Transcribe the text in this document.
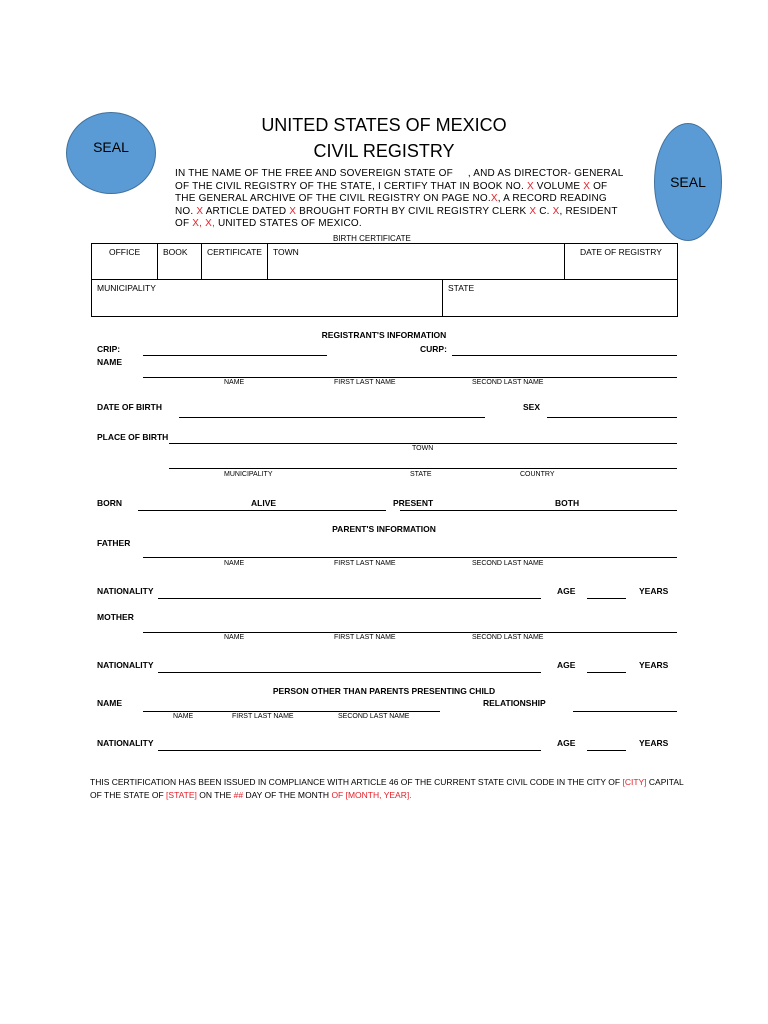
SEAL
SEAL
UNITED STATES OF MEXICO
CIVIL REGISTRY
IN THE NAME OF THE FREE AND SOVEREIGN STATE OF , AND AS DIRECTOR- GENERAL OF THE CIVIL REGISTRY OF THE STATE, I CERTIFY THAT IN BOOK NO. X VOLUME X OF THE GENERAL ARCHIVE OF THE CIVIL REGISTRY ON PAGE NO.X, A RECORD READING NO. X ARTICLE DATED X BROUGHT FORTH BY CIVIL REGISTRY CLERK X C. X, RESIDENT OF X, X, UNITED STATES OF MEXICO.
BIRTH CERTIFICATE
OFFICE	BOOK	CERTIFICATE	TOWN	DATE OF REGISTRY
MUNICIPALITY	STATE
REGISTRANT'S INFORMATION
CRIP:	CURP:
NAME
NAME	FIRST LAST NAME	SECOND LAST NAME
DATE OF BIRTH	SEX
PLACE OF BIRTH
TOWN
MUNICIPALITY	STATE	COUNTRY
BORN	ALIVE	PRESENT	BOTH
PARENT'S INFORMATION
FATHER
NAME	FIRST LAST NAME	SECOND LAST NAME
NATIONALITY	AGE	YEARS
MOTHER
NAME	FIRST LAST NAME	SECOND LAST NAME
NATIONALITY	AGE	YEARS
PERSON OTHER THAN PARENTS PRESENTING CHILD
NAME
NAME	FIRST LAST NAME	SECOND LAST NAME
RELATIONSHIP
NATIONALITY	AGE	YEARS
THIS CERTIFICATION HAS BEEN ISSUED IN COMPLIANCE WITH ARTICLE 46 OF THE CURRENT STATE CIVIL CODE IN THE CITY OF [CITY] CAPITAL OF THE STATE OF [STATE] ON THE ## DAY OF THE MONTH OF [MONTH, YEAR].
